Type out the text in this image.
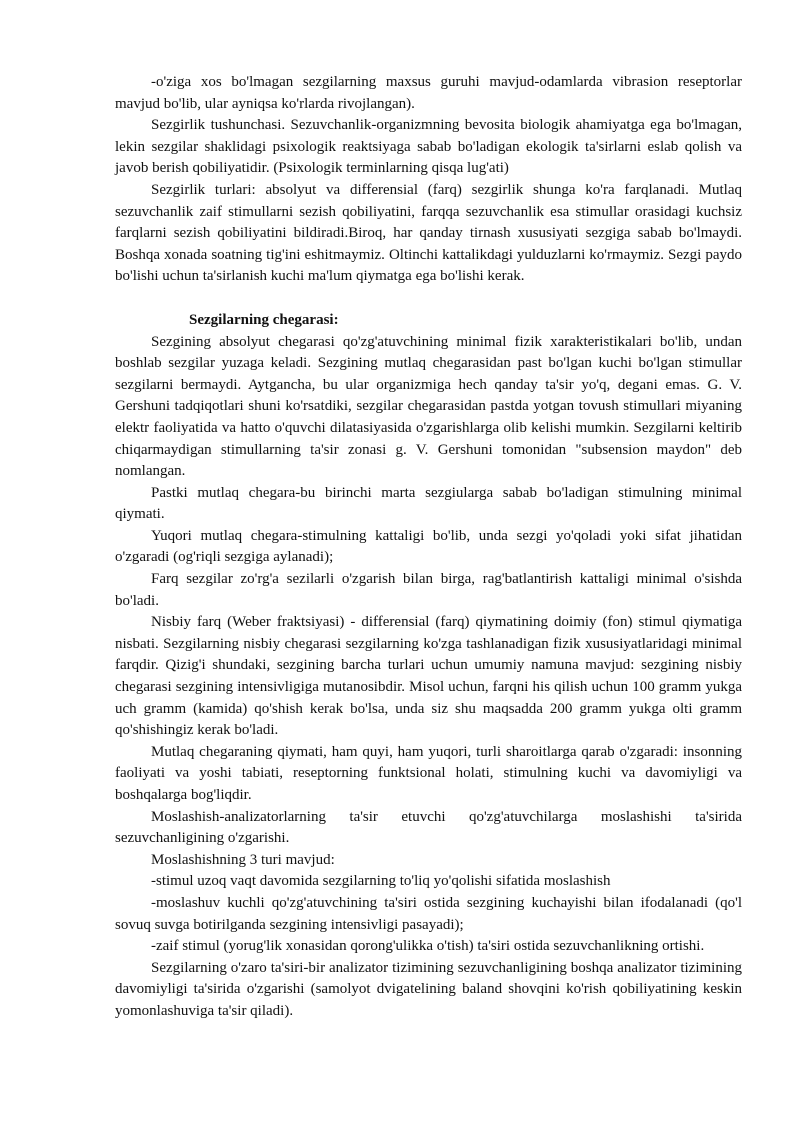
-o'ziga xos bo'lmagan sezgilarning maxsus guruhi mavjud-odamlarda vibrasion reseptorlar mavjud bo'lib, ular ayniqsa ko'rlarda rivojlangan).

Sezgirlik tushunchasi. Sezuvchanlik-organizmning bevosita biologik ahamiyatga ega bo'lmagan, lekin sezgilar shaklidagi psixologik reaktsiyaga sabab bo'ladigan ekologik ta'sirlarni eslab qolish va javob berish qobiliyatidir. (Psixologik terminlarning qisqa lug'ati)

Sezgirlik turlari: absolyut va differensial (farq) sezgirlik shunga ko'ra farqlanadi. Mutlaq sezuvchanlik zaif stimullarni sezish qobiliyatini, farqqa sezuvchanlik esa stimullar orasidagi kuchsiz farqlarni sezish qobiliyatini bildiradi.Biroq, har qanday tirnash xususiyati sezgiga sabab bo'lmaydi. Boshqa xonada soatning tig'ini eshitmaymiz. Oltinchi kattalikdagi yulduzlarni ko'rmaymiz. Sezgi paydo bo'lishi uchun ta'sirlanish kuchi ma'lum qiymatga ega bo'lishi kerak.

Sezgilarning chegarasi:

Sezgining absolyut chegarasi qo'zg'atuvchining minimal fizik xarakteristikalari bo'lib, undan boshlab sezgilar yuzaga keladi. Sezgining mutlaq chegarasidan past bo'lgan kuchi bo'lgan stimullar sezgilarni bermaydi. Aytgancha, bu ular organizmiga hech qanday ta'sir yo'q, degani emas. G. V. Gershuni tadqiqotlari shuni ko'rsatdiki, sezgilar chegarasidan pastda yotgan tovush stimullari miyaning elektr faoliyatida va hatto o'quvchi dilatasiyasida o'zgarishlarga olib kelishi mumkin. Sezgilarni keltirib chiqarmaydigan stimullarning ta'sir zonasi g. V. Gershuni tomonidan "subsension maydon" deb nomlangan.

Pastki mutlaq chegara-bu birinchi marta sezgiularga sabab bo'ladigan stimulning minimal qiymati.

Yuqori mutlaq chegara-stimulning kattaligi bo'lib, unda sezgi yo'qoladi yoki sifat jihatidan o'zgaradi (og'riqli sezgiga aylanadi);

Farq sezgilar zo'rg'a sezilarli o'zgarish bilan birga, rag'batlantirish kattaligi minimal o'sishda bo'ladi.

Nisbiy farq (Weber fraktsiyasi) - differensial (farq) qiymatining doimiy (fon) stimul qiymatiga nisbati. Sezgilarning nisbiy chegarasi sezgilarning ko'zga tashlanadigan fizik xususiyatlaridagi minimal farqdir. Qizig'i shundaki, sezgining barcha turlari uchun umumiy namuna mavjud: sezgining nisbiy chegarasi sezgining intensivligiga mutanosibdir. Misol uchun, farqni his qilish uchun 100 gramm yukga uch gramm (kamida) qo'shish kerak bo'lsa, unda siz shu maqsadda 200 gramm yukga olti gramm qo'shishingiz kerak bo'ladi.

Mutlaq chegaraning qiymati, ham quyi, ham yuqori, turli sharoitlarga qarab o'zgaradi: insonning faoliyati va yoshi tabiati, reseptorning funktsional holati, stimulning kuchi va davomiyligi va boshqalarga bog'liqdir.

Moslashish-analizatorlarning ta'sir etuvchi qo'zg'atuvchilarga moslashishi ta'sirida sezuvchanligining o'zgarishi.

Moslashishning 3 turi mavjud:

-stimul uzoq vaqt davomida sezgilarning to'liq yo'qolishi sifatida moslashish

-moslashuv kuchli qo'zg'atuvchining ta'siri ostida sezgining kuchayishi bilan ifodalanadi (qo'l sovuq suvga botirilganda sezgining intensivligi pasayadi);

-zaif stimul (yorug'lik xonasidan qorong'ulikka o'tish) ta'siri ostida sezuvchanlikning ortishi.

Sezgilarning o'zaro ta'siri-bir analizator tizimining sezuvchanligining boshqa analizator tizimining davomiyligi ta'sirida o'zgarishi (samolyot dvigatelining baland shovqini ko'rish qobiliyatining keskin yomonlashuviga ta'sir qiladi).
